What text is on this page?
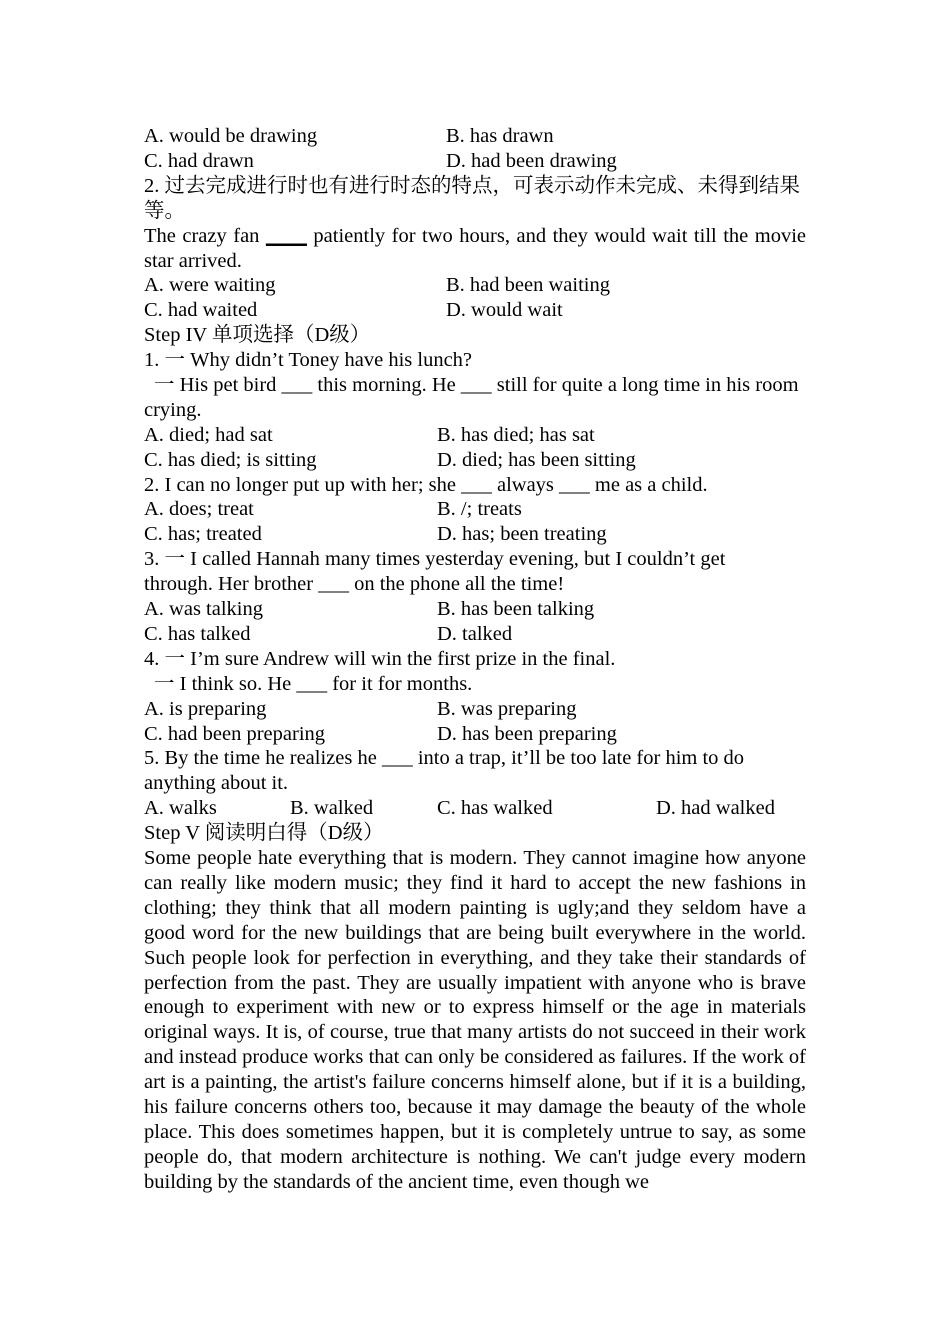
A. would be drawing	B. has drawn
C. had drawn	D. had been drawing
2. 过去完成进行时也有进行时态的特点，可表示动作未完成、未得到结果等。
The crazy fan ____ patiently for two hours, and they would wait till the movie star arrived.
A. were waiting	B. had been waiting
C. had waited	D. would wait
Step IV 单项选择（D级）
1. 一 Why didn’t Toney have his lunch?
一 His pet bird ___ this morning. He ___ still for quite a long time in his room crying.
A. died; had sat	B. has died; has sat
C. has died; is sitting	D. died; has been sitting
2. I can no longer put up with her; she ___ always ___ me as a child.
A. does; treat	B. /; treats
C. has; treated	D. has; been treating
3. 一 I called Hannah many times yesterday evening, but I couldn’t get through. Her brother ___ on the phone all the time!
A. was talking	B. has been talking
C. has talked	D. talked
4. 一 I’m sure Andrew will win the first prize in the final.
一 I think so. He ___ for it for months.
A. is preparing	B. was preparing
C. had been preparing	D. has been preparing
5. By the time he realizes he ___ into a trap, it’ll be too late for him to do anything about it.
A. walks	B. walked	C. has walked	D. had walked
Step V 阅读明白得（D级）
Some people hate everything that is modern. They cannot imagine how anyone can really like modern music; they find it hard to accept the new fashions in clothing; they think that all modern painting is ugly;and they seldom have a good word for the new buildings that are being built everywhere in the world. Such people look for perfection in everything, and they take their standards of perfection from the past. They are usually impatient with anyone who is brave enough to experiment with new or to express himself or the age in materials original ways. It is, of course, true that many artists do not succeed in their work and instead produce works that can only be considered as failures. If the work of art is a painting, the artist's failure concerns himself alone, but if it is a building, his failure concerns others too, because it may damage the beauty of the whole place. This does sometimes happen, but it is completely untrue to say, as some people do, that modern architecture is nothing. We can't judge every modern building by the standards of the ancient time, even though we
